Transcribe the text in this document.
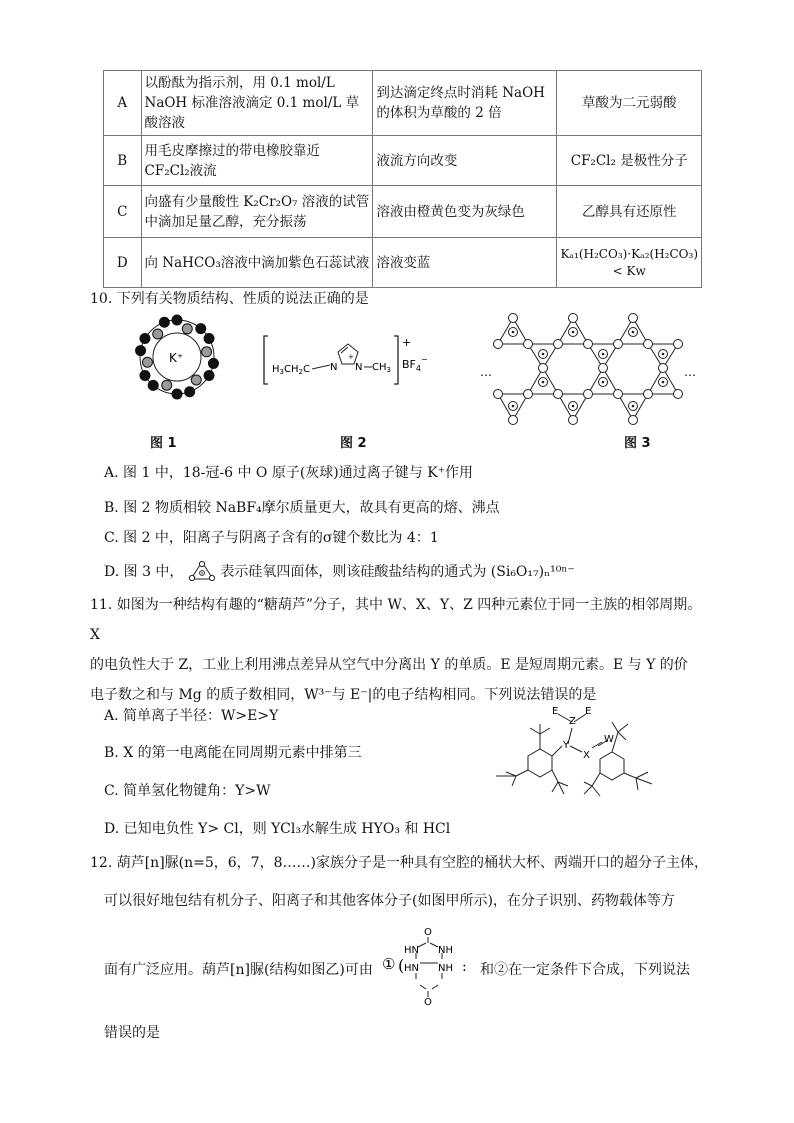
A	以酚酞为指示剂，用 0.1 mol/L NaOH 标准溶液滴定 0.1 mol/L 草酸溶液	到达滴定终点时消耗 NaOH 的体积为草酸的 2 倍	草酸为二元弱酸
B	用毛皮摩擦过的带电橡胶靠近 CF₂Cl₂液流	液流方向改变	CF₂Cl₂ 是极性分子
C	向盛有少量酸性 K₂Cr₂O₇ 溶液的试管中滴加足量乙醇，充分振荡	溶液由橙黄色变为灰绿色	乙醇具有还原性
D	向 NaHCO₃溶液中滴加紫色石蕊试液	溶液变蓝	Kₐ₁(H₂CO₃)·Kₐ₂(H₂CO₃)< Kw
10. 下列有关物质结构、性质的说法正确的是
K⁺
$H_3CH_2C$ N N
+
$CH_3$
+
$BF_4^-$
…	…
图 1	图 2	图 3
A. 图 1 中，18-冠-6 中 O 原子(灰球)通过离子键与 K⁺作用
B. 图 2 物质相较 NaBF₄摩尔质量更大，故具有更高的熔、沸点
C. 图 2 中，阳离子与阴离子含有的σ键个数比为 4：1
D. 图 3 中，	表示硅氧四面体，则该硅酸盐结构的通式为 (Si₆O₁₇)ₙ¹⁰ⁿ⁻
11. 如图为一种结构有趣的“糖葫芦”分子，其中 W、X、Y、Z 四种元素位于同一主族的相邻周期。X
的电负性大于 Z，工业上利用沸点差异从空气中分离出 Y 的单质。E 是短周期元素。E 与 Y 的价
电子数之和与 Mg 的质子数相同，W³⁻与 E⁻|的电子结构相同。下列说法错误的是
A. 简单离子半径：W>E>Y
B. X 的第一电离能在同周期元素中排第三
C. 简单氢化物键角：Y>W
D. 已知电负性 Y> Cl，则 YCl₃水解生成 HYO₃ 和 HCl
E
Z
E
Y
X
W
12. 葫芦[n]脲(n=5，6，7，8……)家族分子是一种具有空腔的桶状大杯、两端开口的超分子主体，
可以很好地包结有机分子、阳离子和其他客体分子(如图甲所示)，在分子识别、药物载体等方
① (	:
O
HN NH
HN NH
O
面有广泛应用。葫芦[n]脲(结构如图乙)可由	和②在一定条件下合成，下列说法
错误的是
